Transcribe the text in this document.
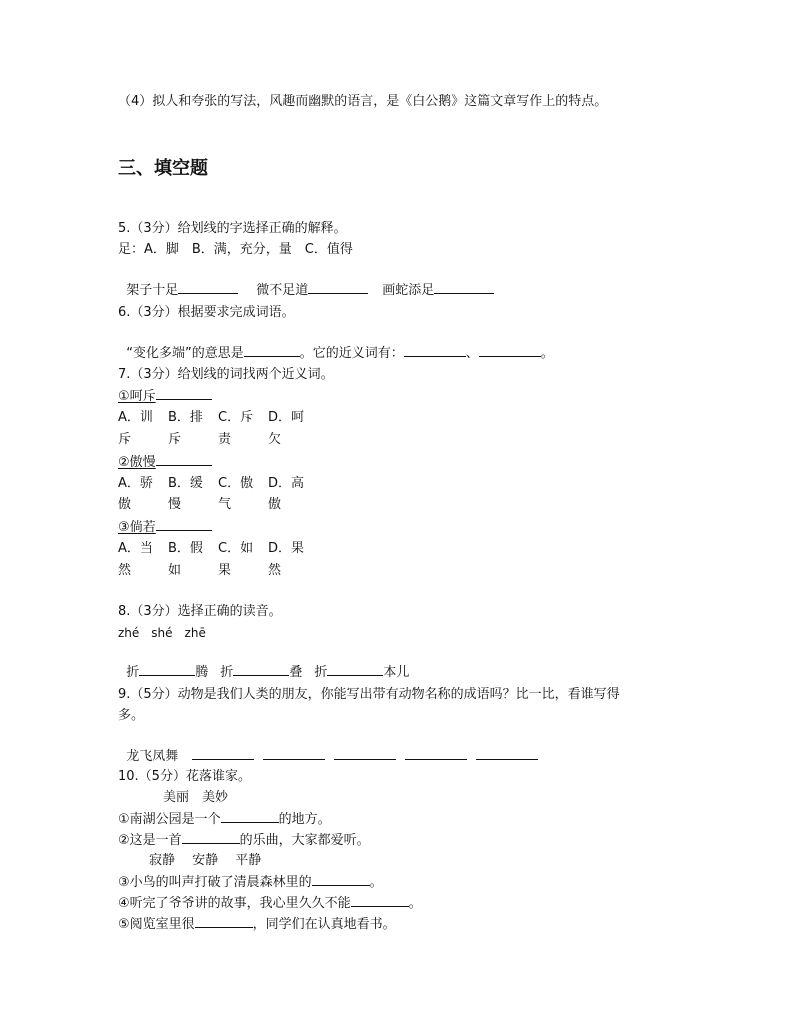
（4）拟人和夸张的写法，风趣而幽默的语言，是《白公鹅》这篇文章写作上的特点。
三、填空题
5.（3分）给划线的字选择正确的解释。
足：A．脚　B．满，充分，量　C．值得

架子十足	微不足道	画蛇添足

6.（3分）根据要求完成词语。

“变化多端”的意思是	。它的近义词有：	、	。

7.（3分）给划线的词找两个近义词。
①呵斥
A．训 B．排 C．斥 D．呵
斥	斥	责	欠
②傲慢
A．骄 B．缓 C．傲 D．高
傲	慢	气	傲
③倘若
A．当 B．假 C．如 D．果
然	如	果	然
8.（3分）选择正确的读音。
zhé shé zhē

折	腾 折	叠 折	本儿

9.（5分）动物是我们人类的朋友，你能写出带有动物名称的成语吗？比一比，看谁写得
多。

龙飞凤舞

10.（5分）花落谁家。
美丽　美妙
①南湖公园是一个	的地方。
②这是一首	的乐曲，大家都爱听。
寂静　 安静　 平静
③小鸟的叫声打破了清晨森林里的	。
④听完了爷爷讲的故事，我心里久久不能	。
⑤阅览室里很	，同学们在认真地看书。
